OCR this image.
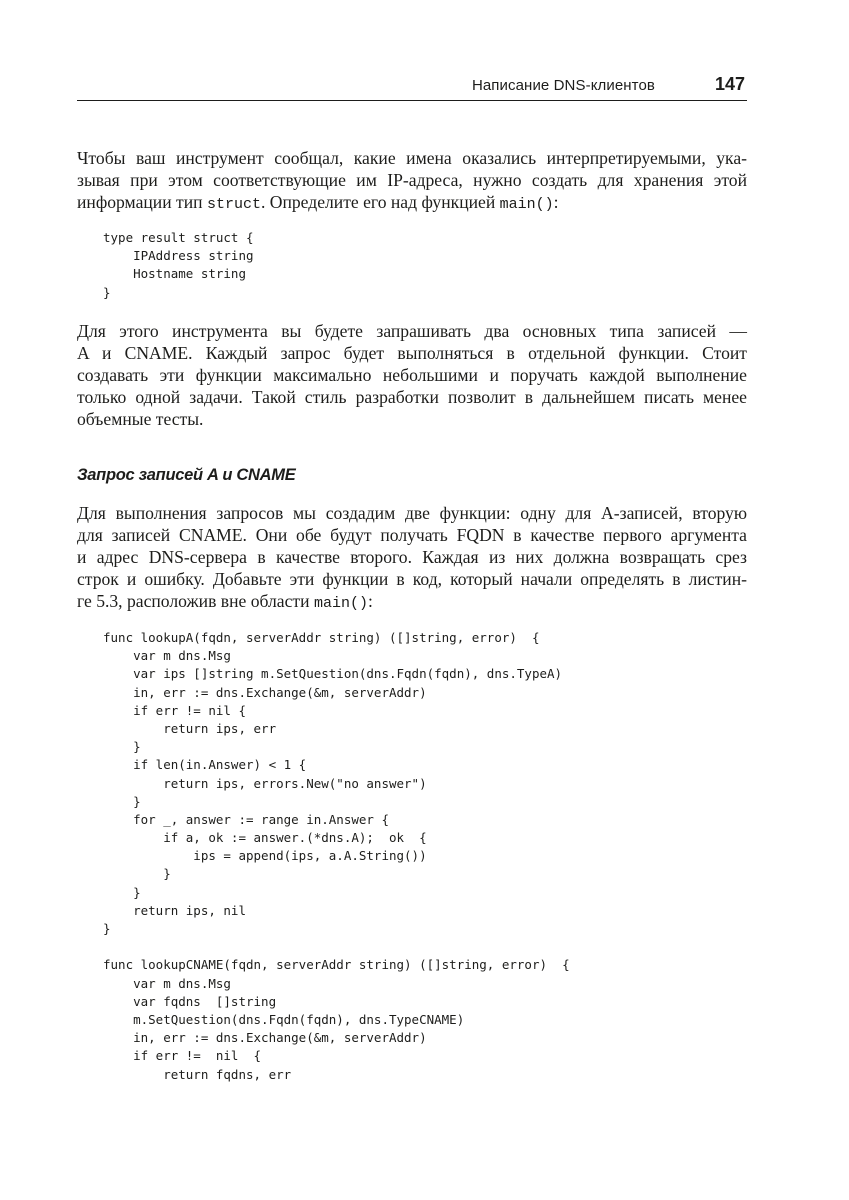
Написание DNS-клиентов	147
Чтобы ваш инструмент сообщал, какие имена оказались интерпретируемыми, ука-
зывая при этом соответствующие им IP-адреса, нужно создать для хранения этой
информации тип struct. Определите его над функцией main():
type result struct {
IPAddress string
Hostname string
}
Для этого инструмента вы будете запрашивать два основных типа записей —
A и CNAME. Каждый запрос будет выполняться в отдельной функции. Стоит
создавать эти функции максимально небольшими и поручать каждой выполнение
только одной задачи. Такой стиль разработки позволит в дальнейшем писать менее
объемные тесты.
Запрос записей A и CNAME
Для выполнения запросов мы создадим две функции: одну для A-записей, вторую
для записей CNAME. Они обе будут получать FQDN в качестве первого аргумента
и адрес DNS-сервера в качестве второго. Каждая из них должна возвращать срез
строк и ошибку. Добавьте эти функции в код, который начали определять в листин-
ге 5.3, расположив вне области main():
func lookupA(fqdn, serverAddr string) ([]string, error)  {
var m dns.Msg
var ips []string m.SetQuestion(dns.Fqdn(fqdn), dns.TypeA)
in, err := dns.Exchange(&m, serverAddr)
if err != nil {
return ips, err
}
if len(in.Answer) < 1 {
return ips, errors.New("no answer")
}
for _, answer := range in.Answer {
if a, ok := answer.(*dns.A);  ok  {
ips = append(ips, a.A.String())
}
}
return ips, nil
}
func lookupCNAME(fqdn, serverAddr string) ([]string, error)  {
var m dns.Msg
var fqdns  []string
m.SetQuestion(dns.Fqdn(fqdn), dns.TypeCNAME)
in, err := dns.Exchange(&m, serverAddr)
if err !=  nil  {
return fqdns, err
